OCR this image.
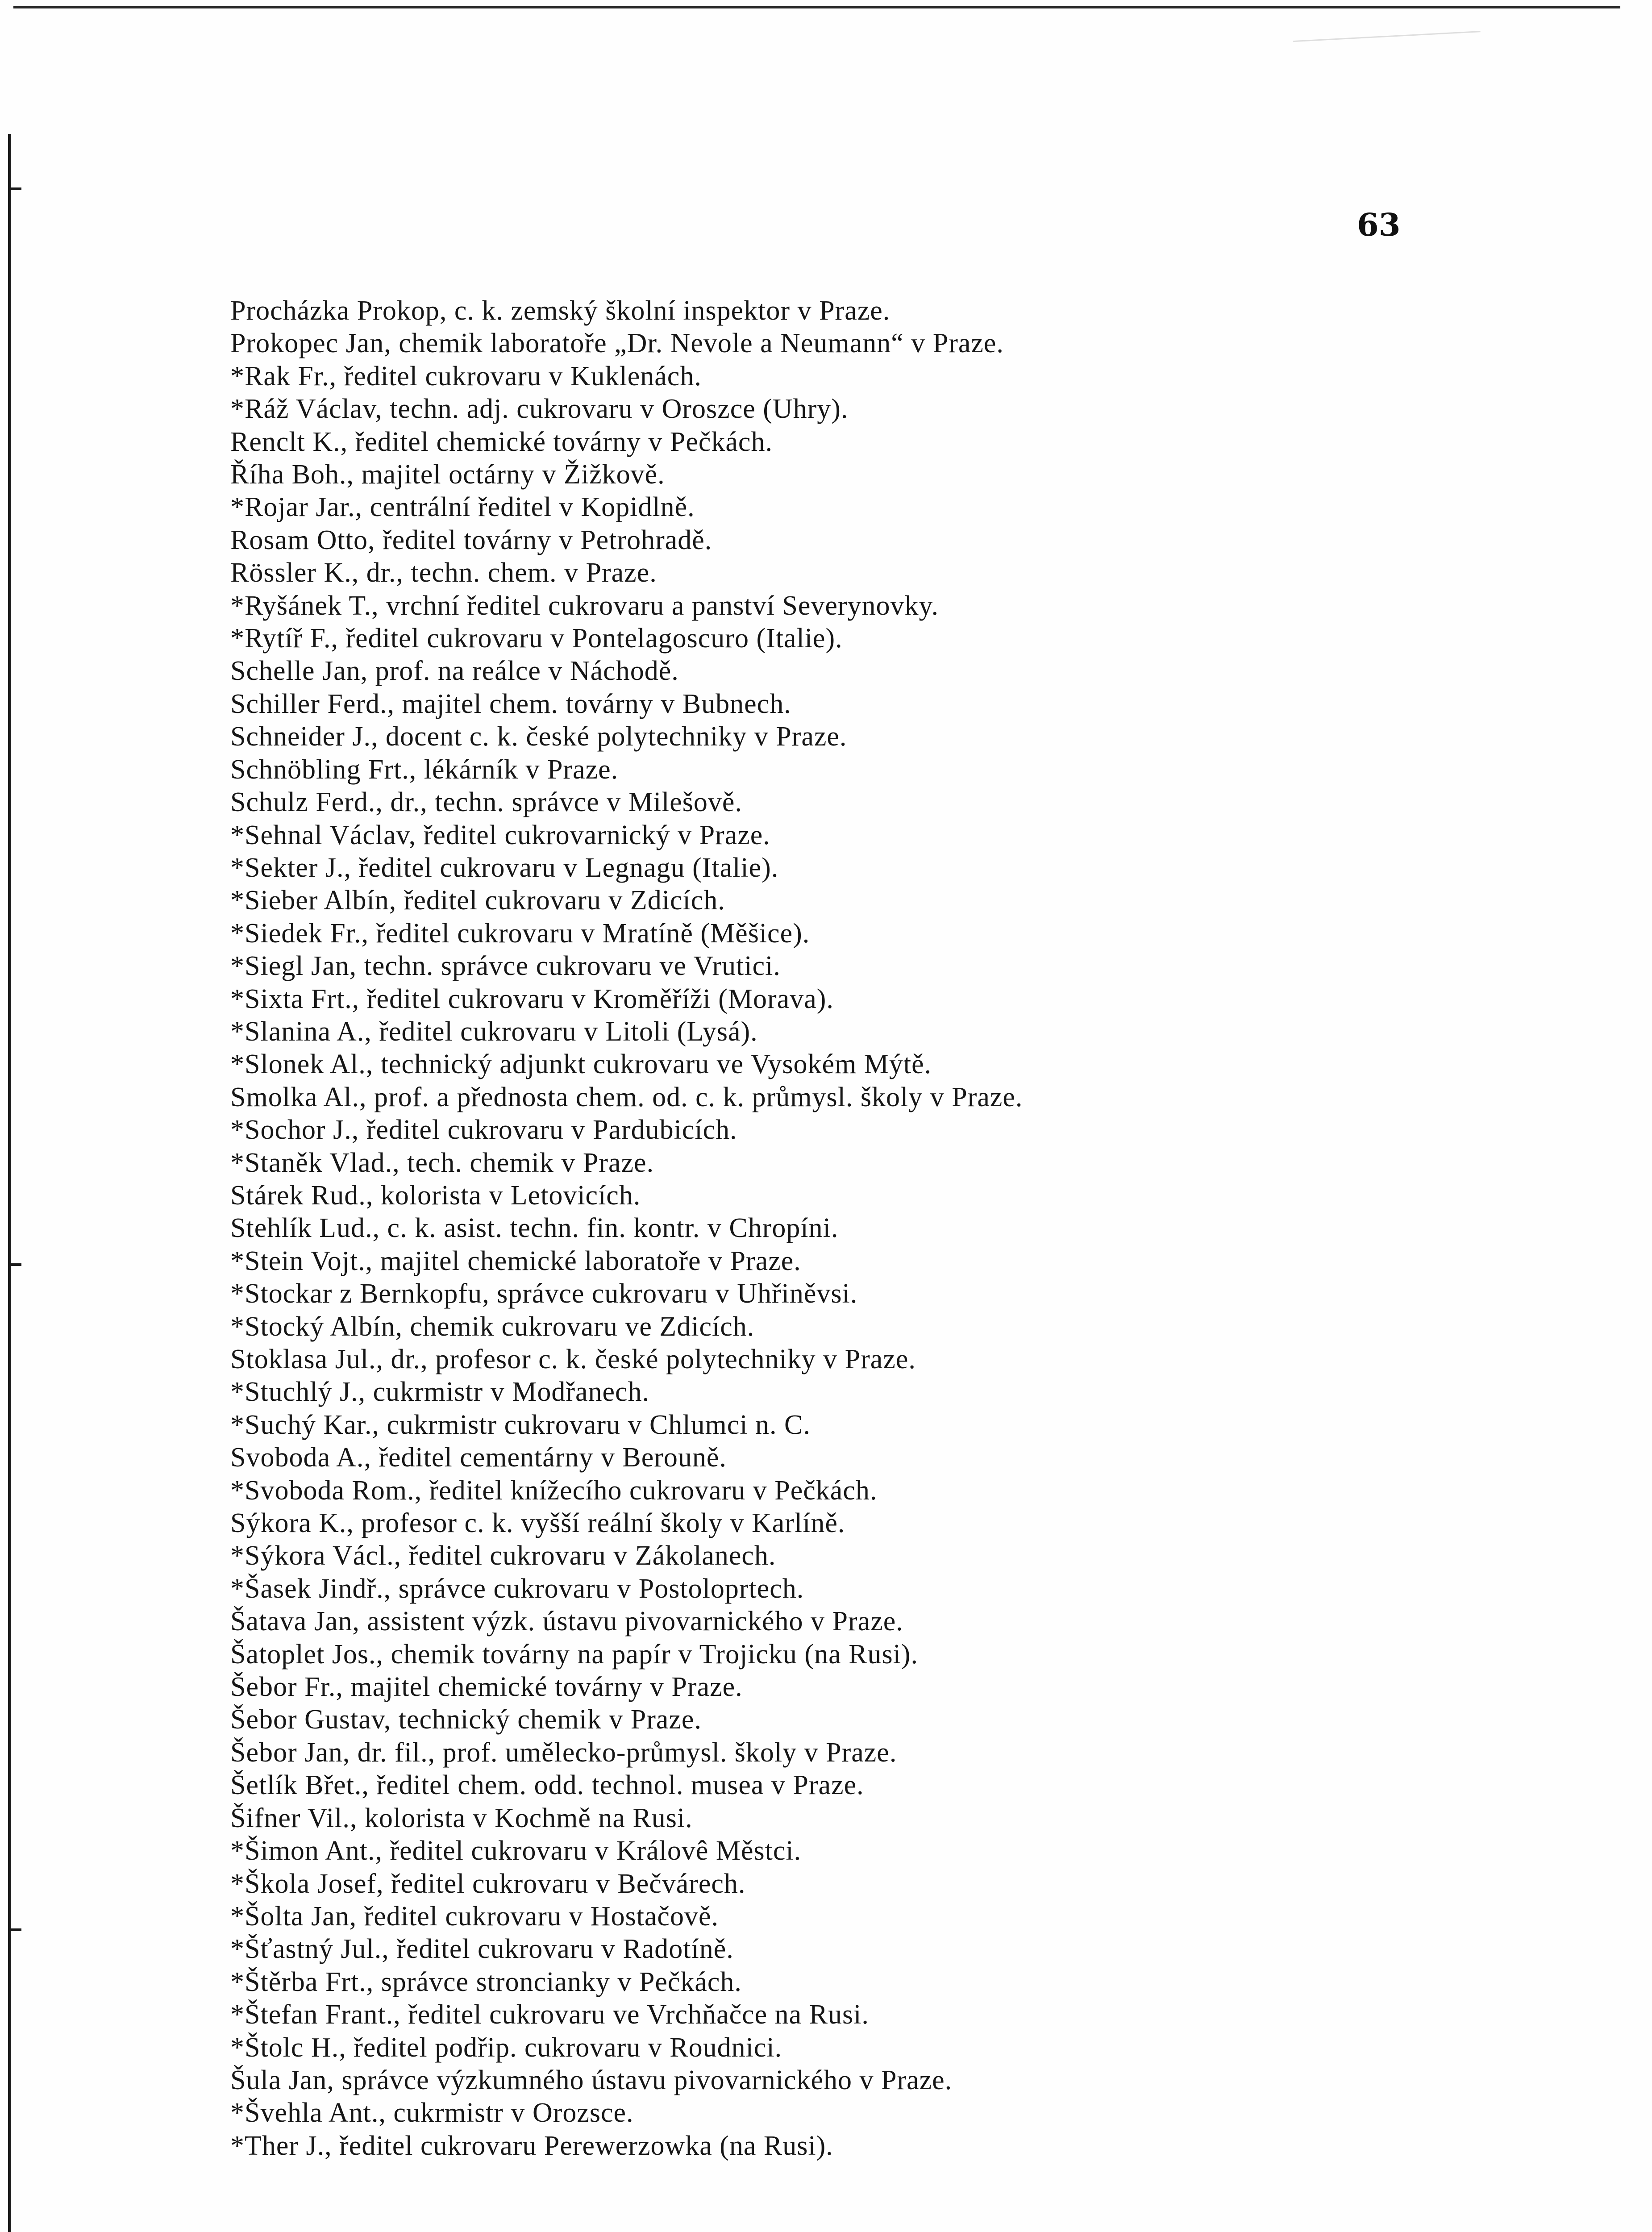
63
Procházka Prokop, c. k. zemský školní inspektor v Praze.
Prokopec Jan, chemik laboratoře „Dr. Nevole a Neumann“ v Praze.
*Rak Fr., ředitel cukrovaru v Kuklenách.
*Ráž Václav, techn. adj. cukrovaru v Oroszce (Uhry).
Renclt K., ředitel chemické továrny v Pečkách.
Říha Boh., majitel octárny v Žižkově.
*Rojar Jar., centrální ředitel v Kopidlně.
Rosam Otto, ředitel továrny v Petrohradě.
Rössler K., dr., techn. chem. v Praze.
*Ryšánek T., vrchní ředitel cukrovaru a panství Severynovky.
*Rytíř F., ředitel cukrovaru v Pontelagoscuro (Italie).
Schelle Jan, prof. na reálce v Náchodě.
Schiller Ferd., majitel chem. továrny v Bubnech.
Schneider J., docent c. k. české polytechniky v Praze.
Schnöbling Frt., lékárník v Praze.
Schulz Ferd., dr., techn. správce v Milešově.
*Sehnal Václav, ředitel cukrovarnický v Praze.
*Sekter J., ředitel cukrovaru v Legnagu (Italie).
*Sieber Albín, ředitel cukrovaru v Zdicích.
*Siedek Fr., ředitel cukrovaru v Mratíně (Měšice).
*Siegl Jan, techn. správce cukrovaru ve Vrutici.
*Sixta Frt., ředitel cukrovaru v Kroměříži (Morava).
*Slanina A., ředitel cukrovaru v Litoli (Lysá).
*Slonek Al., technický adjunkt cukrovaru ve Vysokém Mýtě.
Smolka Al., prof. a přednosta chem. od. c. k. průmysl. školy v Praze.
*Sochor J., ředitel cukrovaru v Pardubicích.
*Staněk Vlad., tech. chemik v Praze.
Stárek Rud., kolorista v Letovicích.
Stehlík Lud., c. k. asist. techn. fin. kontr. v Chropíni.
*Stein Vojt., majitel chemické laboratoře v Praze.
*Stockar z Bernkopfu, správce cukrovaru v Uhřiněvsi.
*Stocký Albín, chemik cukrovaru ve Zdicích.
Stoklasa Jul., dr., profesor c. k. české polytechniky v Praze.
*Stuchlý J., cukrmistr v Modřanech.
*Suchý Kar., cukrmistr cukrovaru v Chlumci n. C.
Svoboda A., ředitel cementárny v Berouně.
*Svoboda Rom., ředitel knížecího cukrovaru v Pečkách.
Sýkora K., profesor c. k. vyšší reální školy v Karlíně.
*Sýkora Václ., ředitel cukrovaru v Zákolanech.
*Šasek Jindř., správce cukrovaru v Postoloprtech.
Šatava Jan, assistent výzk. ústavu pivovarnického v Praze.
Šatoplet Jos., chemik továrny na papír v Trojicku (na Rusi).
Šebor Fr., majitel chemické továrny v Praze.
Šebor Gustav, technický chemik v Praze.
Šebor Jan, dr. fil., prof. umělecko-průmysl. školy v Praze.
Šetlík Břet., ředitel chem. odd. technol. musea v Praze.
Šifner Vil., kolorista v Kochmě na Rusi.
*Šimon Ant., ředitel cukrovaru v Královê Městci.
*Škola Josef, ředitel cukrovaru v Bečvárech.
*Šolta Jan, ředitel cukrovaru v Hostačově.
*Šťastný Jul., ředitel cukrovaru v Radotíně.
*Štěrba Frt., správce stroncianky v Pečkách.
*Štefan Frant., ředitel cukrovaru ve Vrchňačce na Rusi.
*Štolc H., ředitel podřip. cukrovaru v Roudnici.
Šula Jan, správce výzkumného ústavu pivovarnického v Praze.
*Švehla Ant., cukrmistr v Orozsce.
*Ther J., ředitel cukrovaru Perewerzowka (na Rusi).
